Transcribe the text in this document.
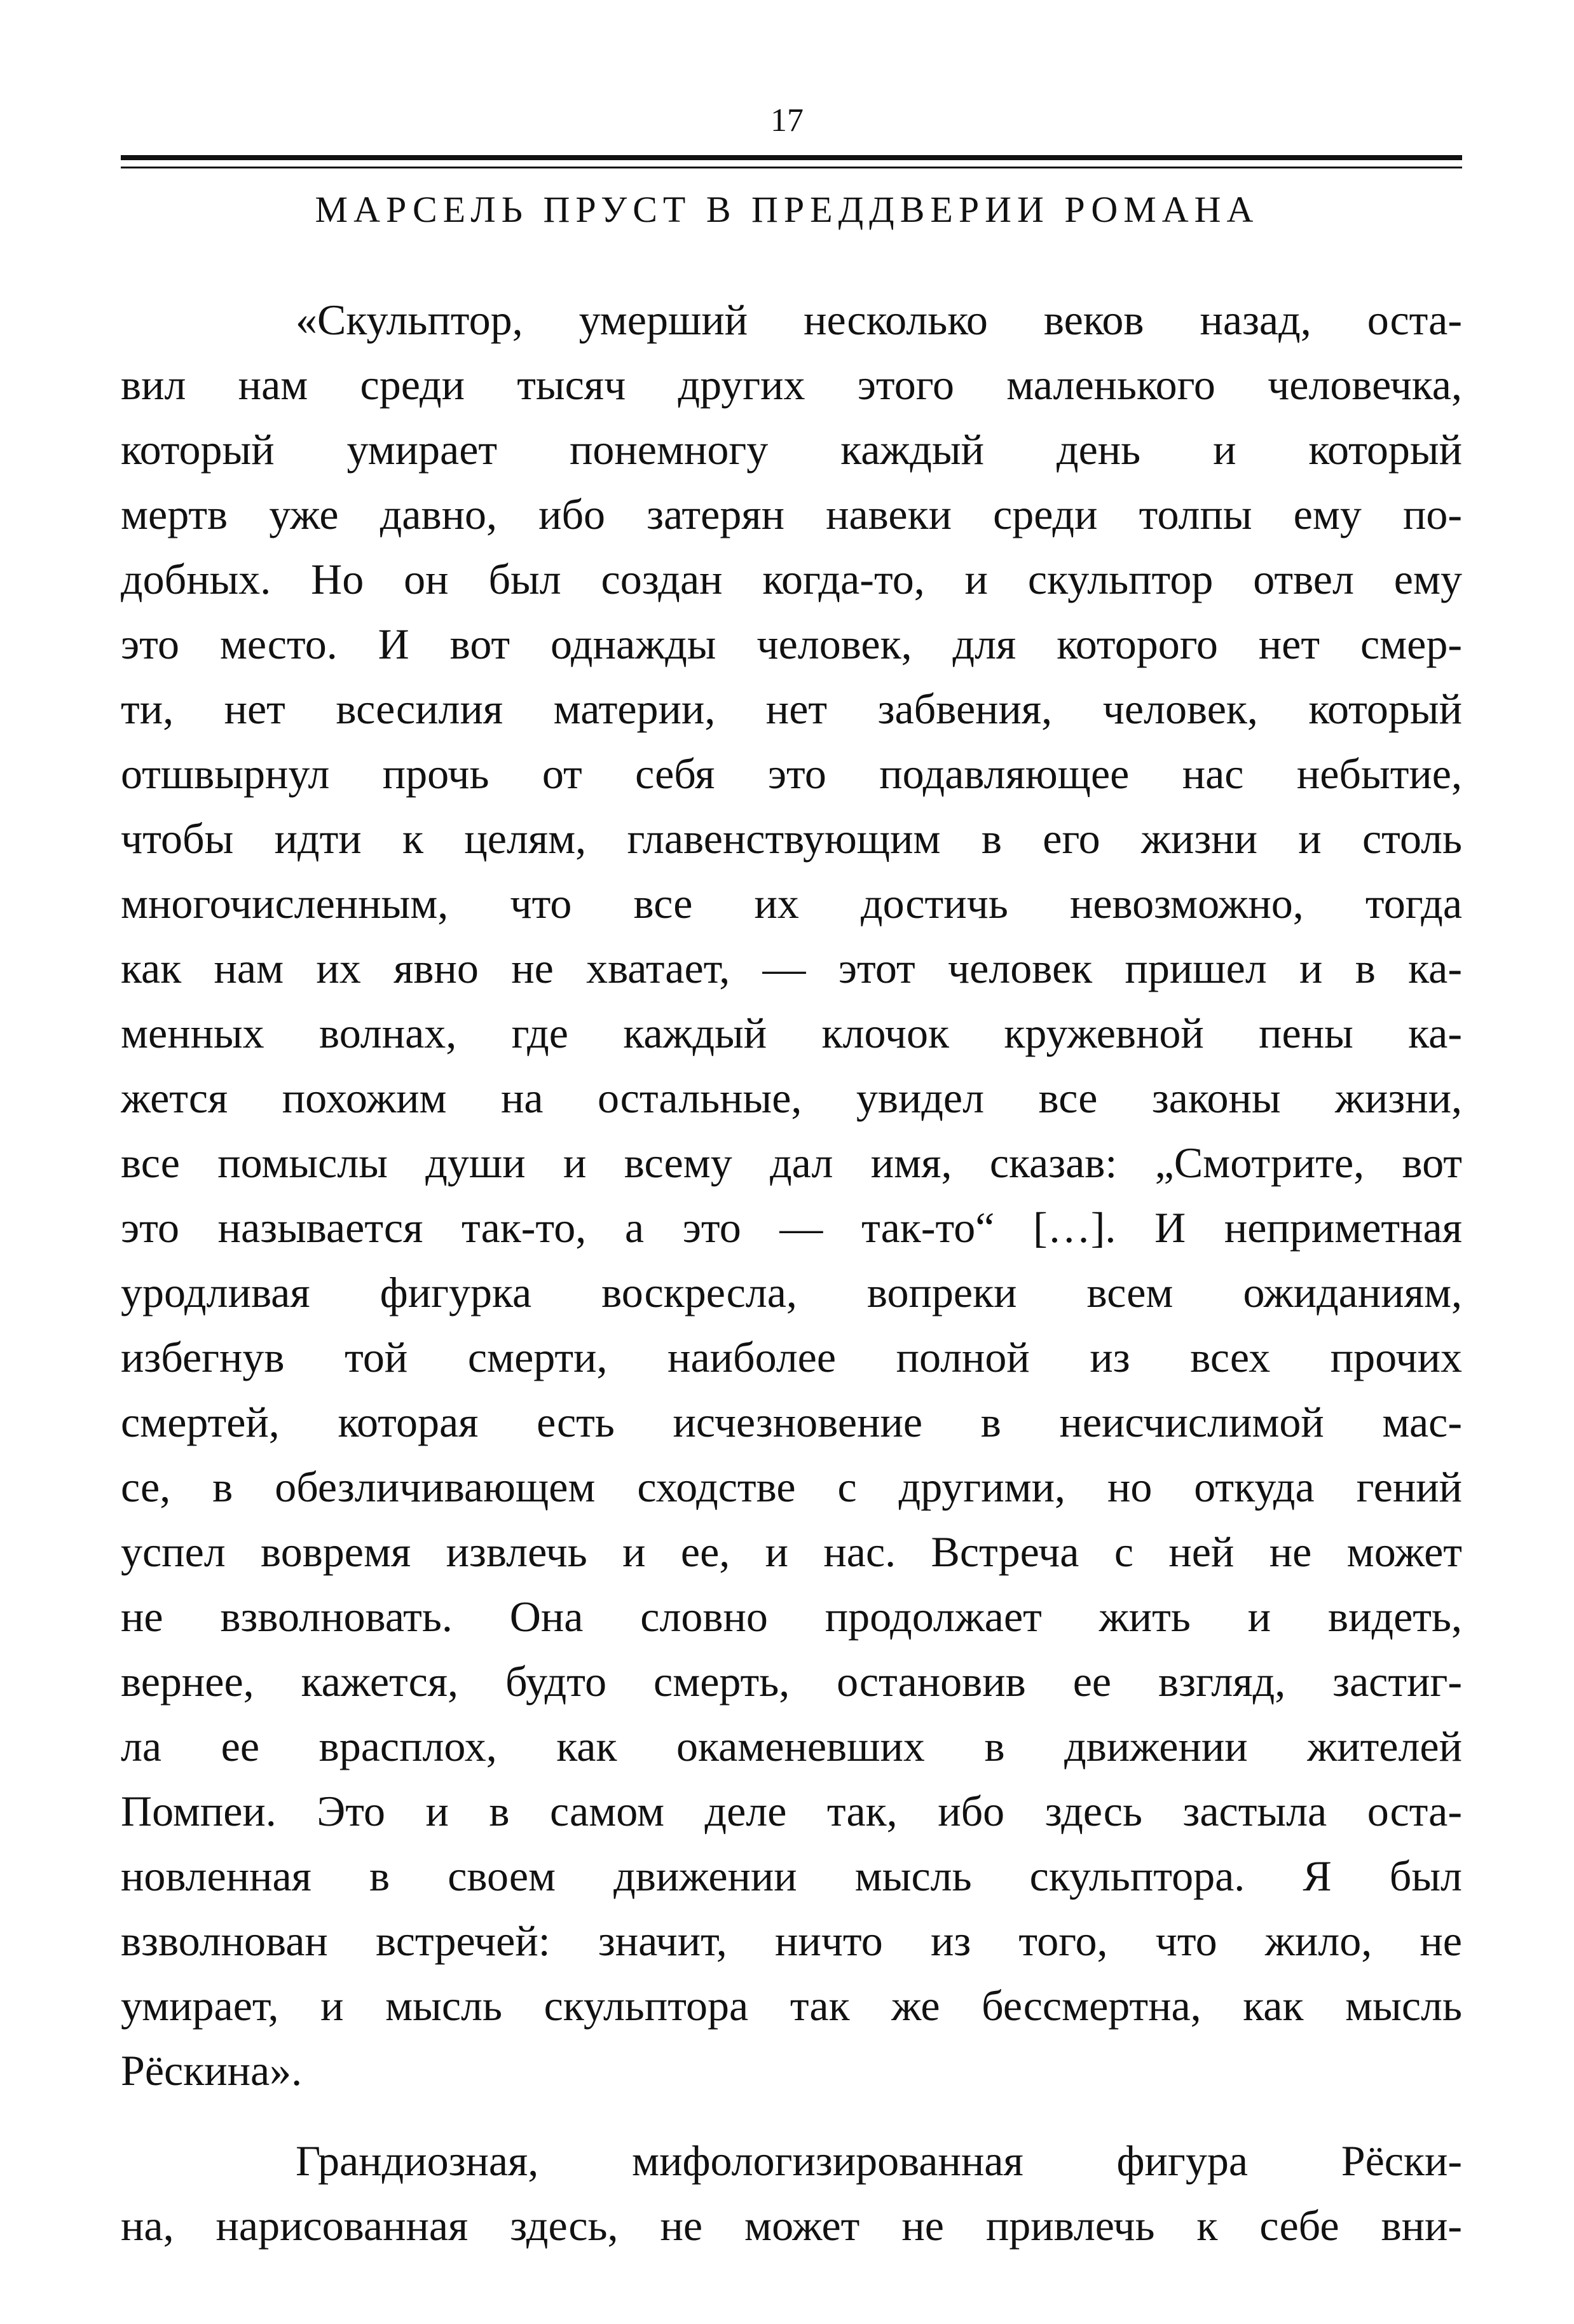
17
МАРСЕЛЬ ПРУСТ В ПРЕДДВЕРИИ РОМАНА
«Скульптор, умерший несколько веков назад, оста-
вил нам среди тысяч других этого маленького человечка,
который умирает понемногу каждый день и который
мертв уже давно, ибо затерян навеки среди толпы ему по-
добных. Но он был создан когда-то, и скульптор отвел ему
это место. И вот однажды человек, для которого нет смер-
ти, нет всесилия материи, нет забвения, человек, который
отшвырнул прочь от себя это подавляющее нас небытие,
чтобы идти к целям, главенствующим в его жизни и столь
многочисленным, что все их достичь невозможно, тогда
как нам их явно не хватает, — этот человек пришел и в ка-
менных волнах, где каждый клочок кружевной пены ка-
жется похожим на остальные, увидел все законы жизни,
все помыслы души и всему дал имя, сказав: „Смотрите, вот
это называется так-то, а это — так-то“ […]. И неприметная
уродливая фигурка воскресла, вопреки всем ожиданиям,
избегнув той смерти, наиболее полной из всех прочих
смертей, которая есть исчезновение в неисчислимой мас-
се, в обезличивающем сходстве с другими, но откуда гений
успел вовремя извлечь и ее, и нас. Встреча с ней не может
не взволновать. Она словно продолжает жить и видеть,
вернее, кажется, будто смерть, остановив ее взгляд, застиг-
ла ее врасплох, как окаменевших в движении жителей
Помпеи. Это и в самом деле так, ибо здесь застыла оста-
новленная в своем движении мысль скульптора. Я был
взволнован встречей: значит, ничто из того, что жило, не
умирает, и мысль скульптора так же бессмертна, как мысль
Рёскина».
Грандиозная, мифологизированная фигура Рёски-
на, нарисованная здесь, не может не привлечь к себе вни-
